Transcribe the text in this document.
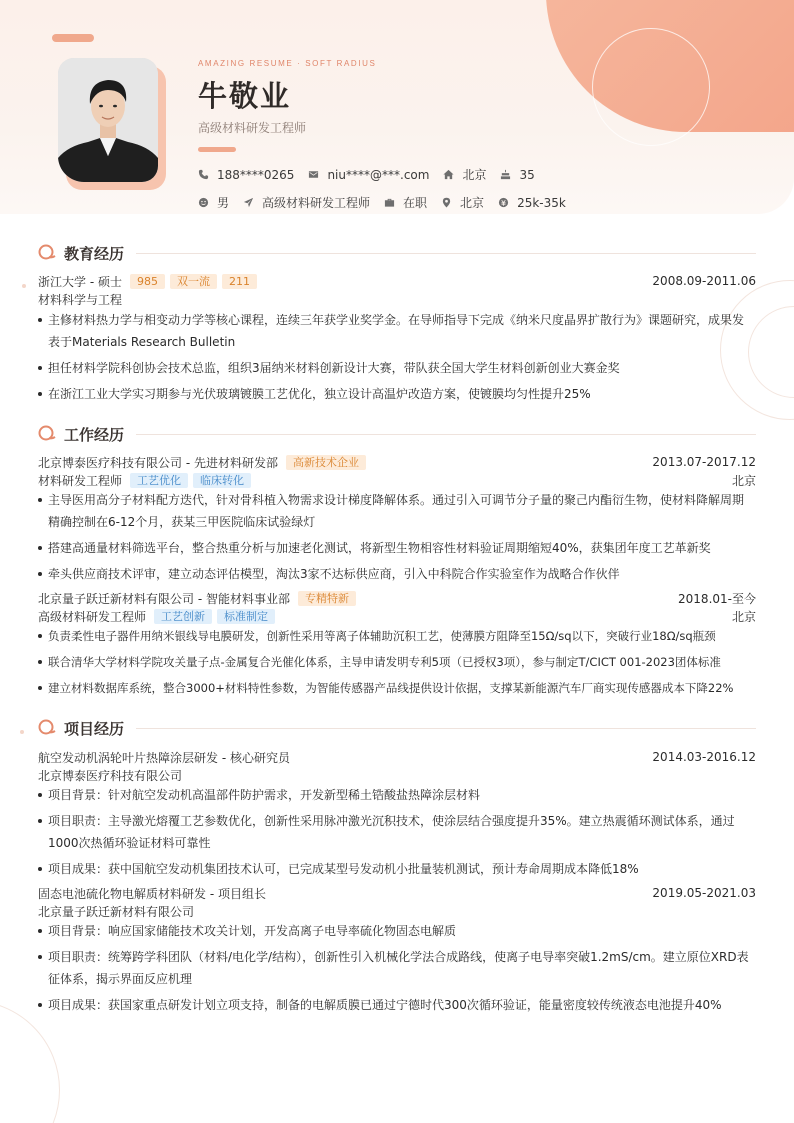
AMAZING RESUME · SOFT RADIUS
牛敬业
高级材料研发工程师
188****0265	niu****@***.com	北京	35
男	高级材料研发工程师	在职	北京	25k-35k
教育经历
浙江大学 - 硕士	985	双一流	211	2008.09-2011.06
材料科学与工程
主修材料热力学与相变动力学等核心课程，连续三年获学业奖学金。在导师指导下完成《纳米尺度晶界扩散行为》课题研究，成果发
表于Materials Research Bulletin
担任材料学院科创协会技术总监，组织3届纳米材料创新设计大赛，带队获全国大学生材料创新创业大赛金奖
在浙江工业大学实习期参与光伏玻璃镀膜工艺优化，独立设计高温炉改造方案，使镀膜均匀性提升25%
工作经历
北京博泰医疗科技有限公司 - 先进材料研发部	高新技术企业	2013.07-2017.12
材料研发工程师	工艺优化	临床转化	北京
主导医用高分子材料配方迭代，针对骨科植入物需求设计梯度降解体系。通过引入可调节分子量的聚己内酯衍生物，使材料降解周期
精确控制在6-12个月，获某三甲医院临床试验绿灯
搭建高通量材料筛选平台，整合热重分析与加速老化测试，将新型生物相容性材料验证周期缩短40%，获集团年度工艺革新奖
牵头供应商技术评审，建立动态评估模型，淘汰3家不达标供应商，引入中科院合作实验室作为战略合作伙伴
北京量子跃迁新材料有限公司 - 智能材料事业部	专精特新	2018.01-至今
高级材料研发工程师	工艺创新	标准制定	北京
负责柔性电子器件用纳米银线导电膜研发，创新性采用等离子体辅助沉积工艺，使薄膜方阻降至15Ω/sq以下，突破行业18Ω/sq瓶颈
联合清华大学材料学院攻关量子点-金属复合光催化体系，主导申请发明专利5项（已授权3项），参与制定T/CICT 001-2023团体标准
建立材料数据库系统，整合3000+材料特性参数，为智能传感器产品线提供设计依据，支撑某新能源汽车厂商实现传感器成本下降22%
项目经历
航空发动机涡轮叶片热障涂层研发 - 核心研究员	2014.03-2016.12
北京博泰医疗科技有限公司
项目背景：针对航空发动机高温部件防护需求，开发新型稀土锆酸盐热障涂层材料
项目职责：主导激光熔覆工艺参数优化，创新性采用脉冲激光沉积技术，使涂层结合强度提升35%。建立热震循环测试体系，通过
1000次热循环验证材料可靠性
项目成果：获中国航空发动机集团技术认可，已完成某型号发动机小批量装机测试，预计寿命周期成本降低18%
固态电池硫化物电解质材料研发 - 项目组长	2019.05-2021.03
北京量子跃迁新材料有限公司
项目背景：响应国家储能技术攻关计划，开发高离子电导率硫化物固态电解质
项目职责：统筹跨学科团队（材料/电化学/结构），创新性引入机械化学法合成路线，使离子电导率突破1.2mS/cm。建立原位XRD表
征体系，揭示界面反应机理
项目成果：获国家重点研发计划立项支持，制备的电解质膜已通过宁德时代300次循环验证，能量密度较传统液态电池提升40%
